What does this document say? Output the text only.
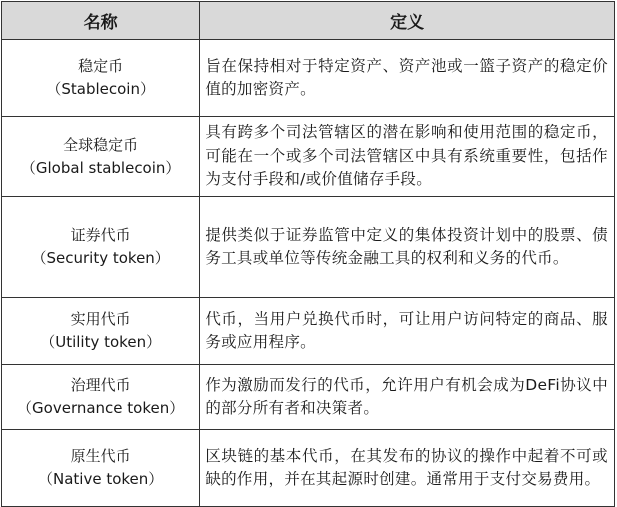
名称	定义

稳定币
（Stablecoin）	旨在保持相对于特定资产、资产池或一篮子资产的稳定价值的加密资产。

全球稳定币
（Global stablecoin）	具有跨多个司法管辖区的潜在影响和使用范围的稳定币，可能在一个或多个司法管辖区中具有系统重要性，包括作为支付手段和/或价值储存手段。

证券代币
（Security token）	提供类似于证券监管中定义的集体投资计划中的股票、债务工具或单位等传统金融工具的权利和义务的代币。

实用代币
（Utility token）	代币，当用户兑换代币时，可让用户访问特定的商品、服务或应用程序。

治理代币
（Governance token）	作为激励而发行的代币，允许用户有机会成为DeFi协议中的部分所有者和决策者。

原生代币
（Native token）	区块链的基本代币，在其发布的协议的操作中起着不可或缺的作用，并在其起源时创建。通常用于支付交易费用。
